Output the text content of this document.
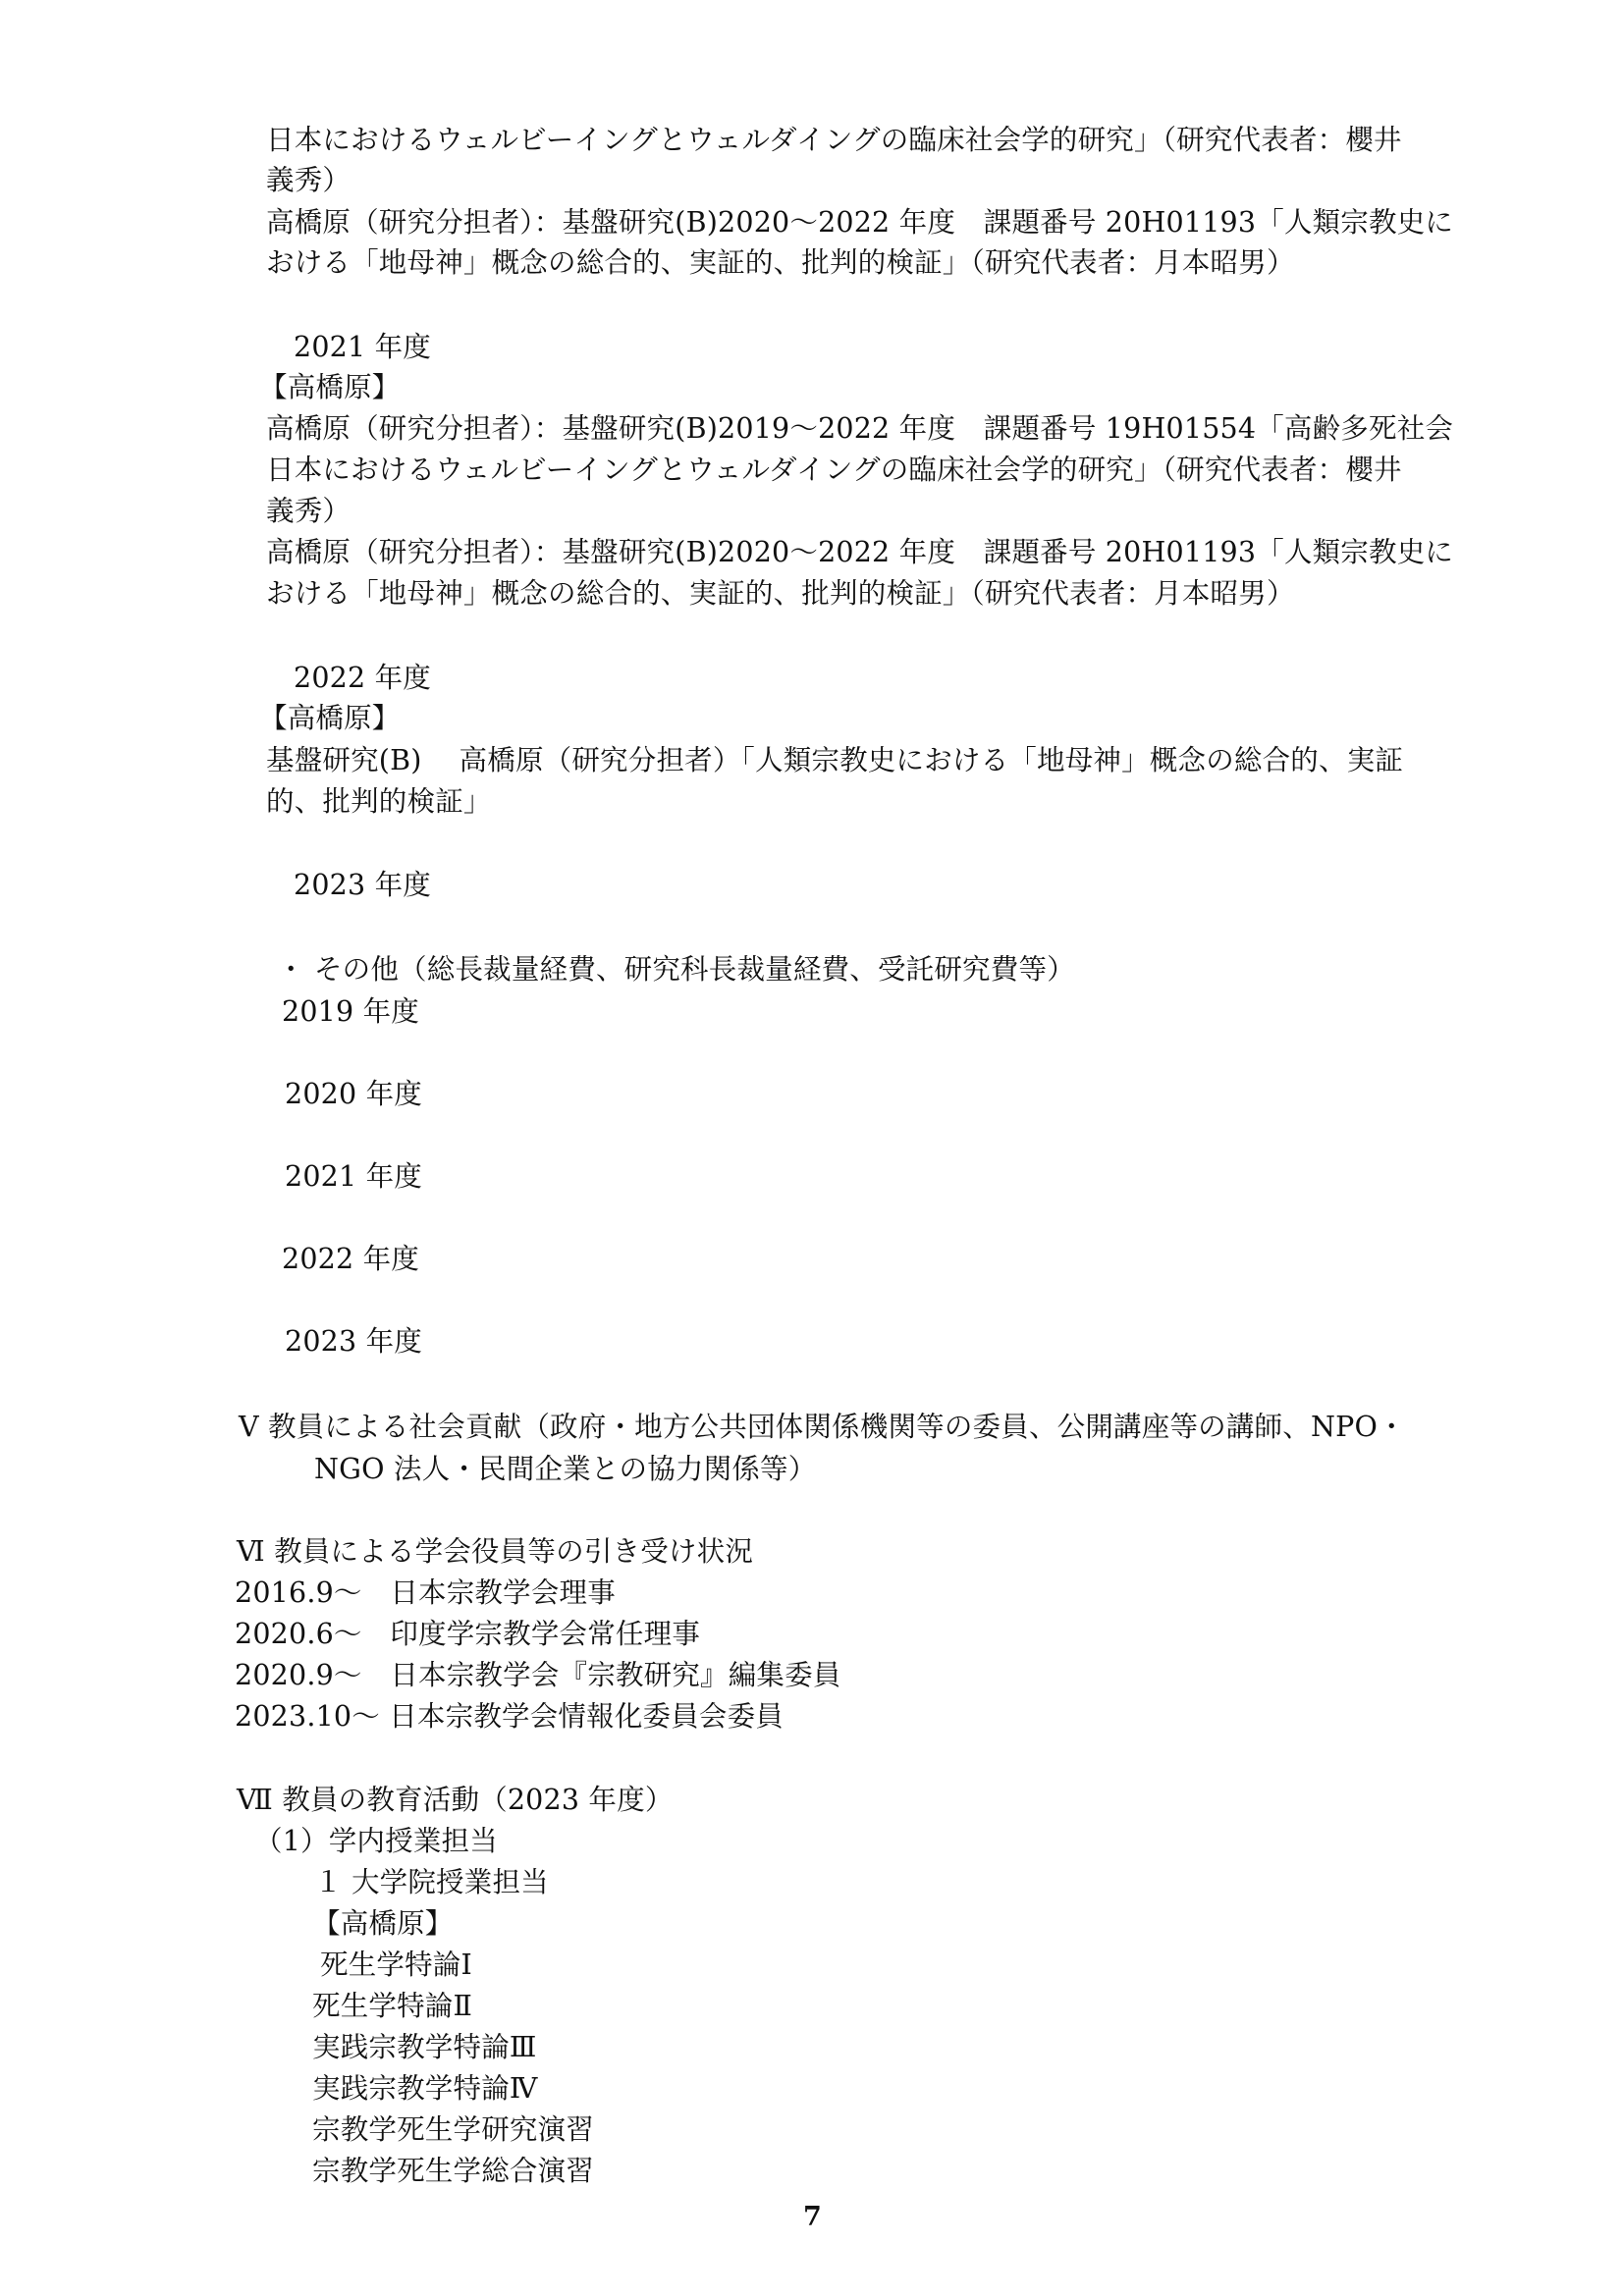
日本におけるウェルビーイングとウェルダイングの臨床社会学的研究」（研究代表者：櫻井
義秀）
高橋原（研究分担者）：基盤研究(B)2020～2022 年度　課題番号 20H01193「人類宗教史に
おける「地母神」概念の総合的、実証的、批判的検証」（研究代表者：月本昭男）
2021 年度
【高橋原】
高橋原（研究分担者）：基盤研究(B)2019～2022 年度　課題番号 19H01554「高齢多死社会
日本におけるウェルビーイングとウェルダイングの臨床社会学的研究」（研究代表者：櫻井
義秀）
高橋原（研究分担者）：基盤研究(B)2020～2022 年度　課題番号 20H01193「人類宗教史に
おける「地母神」概念の総合的、実証的、批判的検証」（研究代表者：月本昭男）
2022 年度
【高橋原】
基盤研究(B)　 高橋原（研究分担者）「人類宗教史における「地母神」概念の総合的、実証
的、批判的検証」
2023 年度
・ その他（総長裁量経費、研究科長裁量経費、受託研究費等）
2019 年度
2020 年度
2021 年度
2022 年度
2023 年度
Ⅴ 教員による社会貢献（政府・地方公共団体関係機関等の委員、公開講座等の講師、NPO・
NGO 法人・民間企業との協力関係等）
Ⅵ 教員による学会役員等の引き受け状況
2016.9～　日本宗教学会理事
2020.6～　印度学宗教学会常任理事
2020.9～　日本宗教学会『宗教研究』編集委員
2023.10～ 日本宗教学会情報化委員会委員
Ⅶ 教員の教育活動（2023 年度）
（1）学内授業担当
１ 大学院授業担当
【高橋原】
死生学特論Ⅰ
死生学特論Ⅱ
実践宗教学特論Ⅲ
実践宗教学特論Ⅳ
宗教学死生学研究演習
宗教学死生学総合演習
7
